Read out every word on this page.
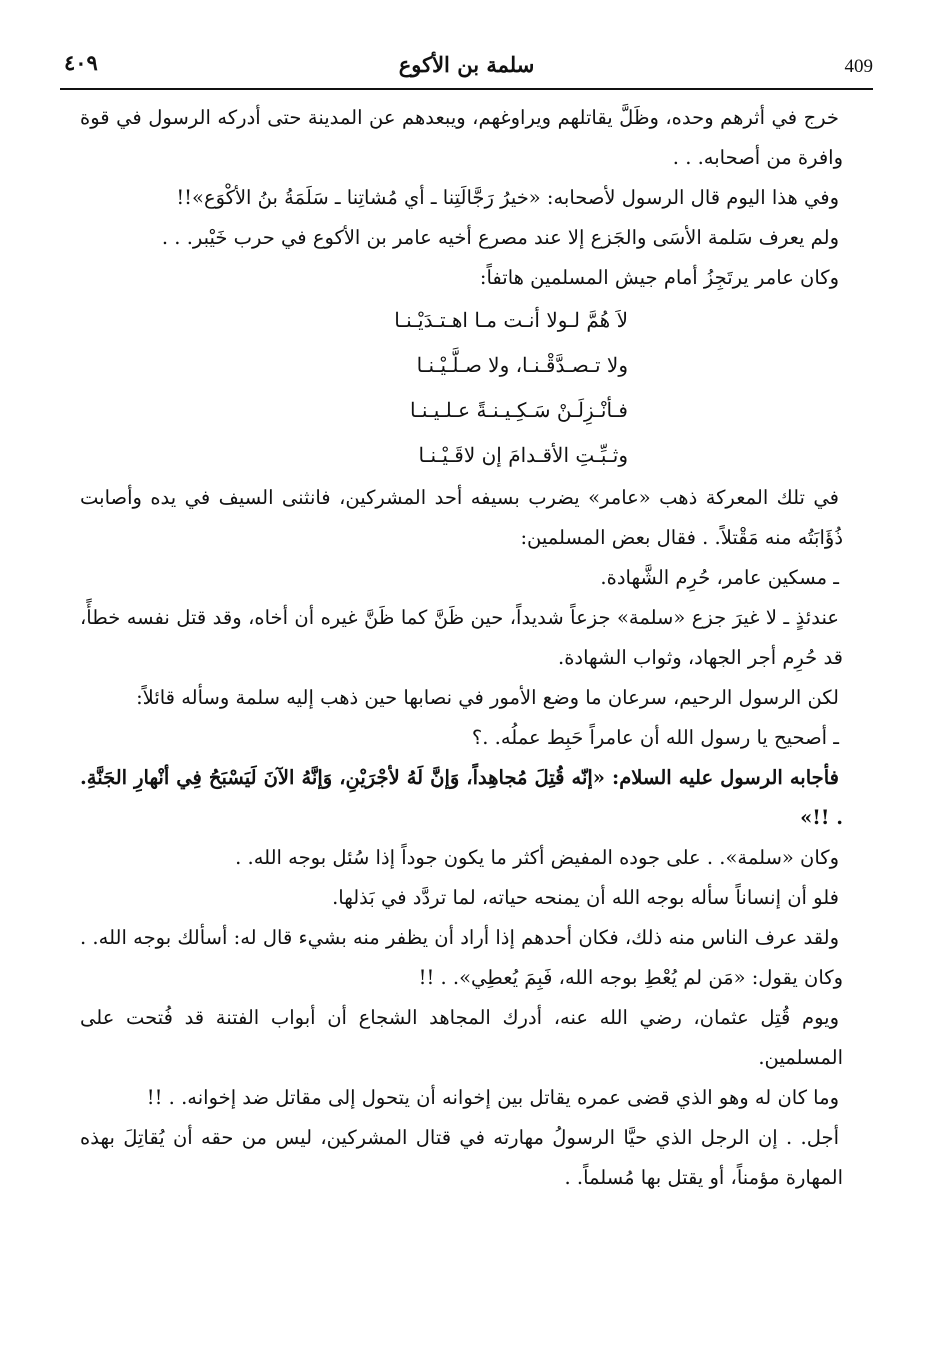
409
سلمة بن الأكوع
٤٠٩

خرج في أثرهم وحده، وظَلَّ يقاتلهم ويراوغهم، ويبعدهم عن المدينة حتى أدركه الرسول في قوة وافرة من أصحابه. . .

وفي هذا اليوم قال الرسول لأصحابه: «خيرُ رَجَّالَتِنا ـ أي مُشاتِنا ـ سَلَمَةُ بنُ الأكْوَع»!!

ولم يعرف سَلمة الأسَى والجَزع إلا عند مصرع أخيه عامر بن الأكوع في حرب خَيْبر. . .

وكان عامر يرتَجِزُ أمام جيش المسلمين هاتفاً:

لاَ هُمَّ لـولا أنـت مـا اهـتـدَيْـنـا
ولا تـصـدَّقْـنـا، ولا صـلَّـيْـنـا
فـأنْـزِلَـنْ سَـكِـيـنـةً عـلـيـنـا
وثـبِّـتِ الأقـدامَ إن لاقَـيْـنـا

في تلك المعركة ذهب «عامر» يضرب بسيفه أحد المشركين، فانثنى السيف في يده وأصابت ذُؤَابَتُه منه مَقْتلاً. . فقال بعض المسلمين:

ـ مسكين عامر، حُرِم الشَّهادة.

عندئذٍ ـ لا غيرَ جزع «سلمة» جزعاً شديداً، حين ظَنَّ كما ظَنَّ غيره أن أخاه، وقد قتل نفسه خطأً، قد حُرِم أجر الجهاد، وثواب الشهادة.

لكن الرسول الرحيم، سرعان ما وضع الأمور في نصابها حين ذهب إليه سلمة وسأله قائلاً:

ـ أصحيح يا رسول الله أن عامراً حَبِط عملُه. .؟

فأجابه الرسول عليه السلام: «إنّه قُتِلَ مُجاهِداً، وَإنَّ لَهُ لأجْرَيْنِ، وَإنَّهُ الآنَ لَيَسْبَحُ فِي أنْهارِ الجَنَّةِ. . !!»

وكان «سلمة». . على جوده المفيض أكثر ما يكون جوداً إذا سُئل بوجه الله. .

فلو أن إنساناً سأله بوجه الله أن يمنحه حياته، لما تردَّد في بَذلها.

ولقد عرف الناس منه ذلك، فكان أحدهم إذا أراد أن يظفر منه بشيء قال له: أسألك بوجه الله. . وكان يقول: «مَن لم يُعْطِ بوجه الله، فَبِمَ يُعطِي». . !!

ويوم قُتِل عثمان، رضي الله عنه، أدرك المجاهد الشجاع أن أبواب الفتنة قد فُتحت على المسلمين.

وما كان له وهو الذي قضى عمره يقاتل بين إخوانه أن يتحول إلى مقاتل ضد إخوانه. . !!

أجل. . إن الرجل الذي حيَّا الرسولُ مهارته في قتال المشركين، ليس من حقه أن يُقاتِلَ بهذه المهارة مؤمناً، أو يقتل بها مُسلماً. .
